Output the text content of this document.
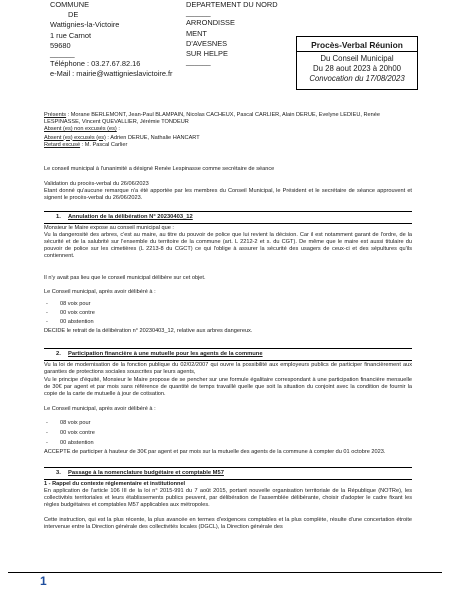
COMMUNE
DE
Wattignies-la-Victoire
1 rue Carnot
59680
______
Téléphone : 03.27.67.82.16
e-Mail : mairie@wattignieslavictoire.fr
DEPARTEMENT DU NORD
______
ARRONDISSE
MENT
D'AVESNES
SUR HELPE
______
Procès-Verbal Réunion
Du Conseil Municipal
Du 28 aout 2023 à 20h00
Convocation du 17/08/2023
Présents : Morane BERLEMONT, Jean-Paul BLAMPAIN, Nicolas CACHEUX, Pascal CARLIER, Alain DERUE, Evelyne LEDIEU, Renée
LESPINASSE, Vincent QUEVALLIER, Jérémie TONDEUR
Absent (es) non excusés (es) :
Absent (es) excusés (es) : Adrien DERUE, Nathalie HANCART
Retard excusé : M. Pascal Carlier
Le conseil municipal à l'unanimité a désigné Renée Lespinasse comme secrétaire de séance
Validation du procès-verbal du 26/06/2023
Etant donné qu'aucune remarque n'a été apportée par les membres du Conseil Municipal, le Président et le secrétaire de séance approuvent et signent le procès-verbal du 26/06/2023.
1. Annulation de la délibération N° 20230403_12
Monsieur le Maire expose au conseil municipal que :
Vu la dangerosité des arbres, c'est au maire, au titre du pouvoir de police que lui revient la décision. Car il est notamment garant de l'ordre, de la sécurité et de la salubrité sur l'ensemble du territoire de la commune (art. L 2212-2 et s. du CGT). De même que le maire est aussi titulaire du pouvoir de police sur les cimetières (L 2213-8 du CGCT) ce qui l'oblige à assurer la sécurité des usagers de ceux-ci et des sépultures qu'ils contiennent.
Il n'y avait pas lieu que le conseil municipal délibère sur cet objet.
Le Conseil municipal, après avoir délibéré à :
- 08 voix pour
- 00 voix contre
- 00 abstention
DECIDE le retrait de la délibération n° 20230403_12, relative aux arbres dangereux.
2. Participation financière à une mutuelle pour les agents de la commune
Vu la loi de modernisation de la fonction publique du 02/02/2007 qui ouvre la possibilité aux employeurs publics de participer financièrement aux garanties de protections sociales souscrites par leurs agents,
Vu le principe d'équité, Monsieur le Maire propose de se pencher sur une formule égalitaire correspondant à une participation financière mensuelle de 30€ par agent et par mois sans référence de quantité de temps travaillé quelle que soit la situation du conjoint avec la condition de fournir la copie de la carte de mutuelle à jour de cotisation.
Le Conseil municipal, après avoir délibéré à :
- 08 voix pour
- 00 voix contre
- 00 abstention
ACCEPTE de participer à hauteur de 30€ par agent et par mois sur la mutuelle des agents de la commune à compter du 01 octobre 2023.
3. Passage à la nomenclature budgétaire et comptable M57
1 - Rappel du contexte réglementaire et institutionnel
En application de l'article 106 III de la loi n° 2015-991 du 7 août 2015, portant nouvelle organisation territoriale de la République (NOTRe), les collectivités territoriales et leurs établissements publics peuvent, par délibération de l'assemblée délibérante, choisir d'adopter le cadre fixant les règles budgétaires et comptables M57 applicables aux métropoles.
Cette instruction, qui est la plus récente, la plus avancée en termes d'exigences comptables et la plus complète, résulte d'une concertation étroite intervenue entre la Direction générale des collectivités locales (DGCL), la Direction générale des
1
